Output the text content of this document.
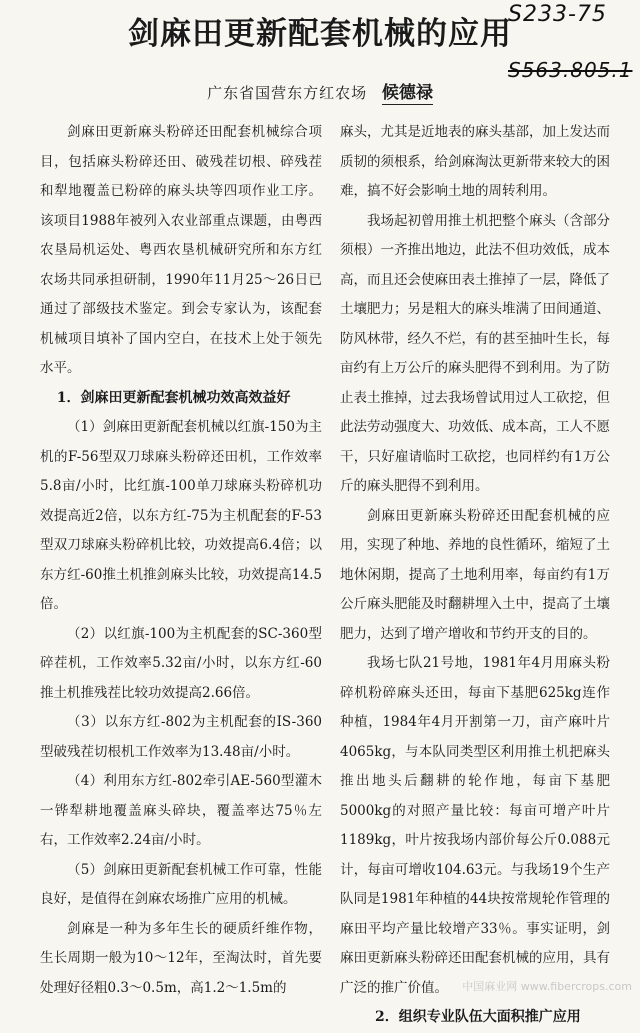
S233-75
S563.805.1
剑麻田更新配套机械的应用
广东省国营东方红农场 候德禄

剑麻田更新麻头粉碎还田配套机械综合项目，包括麻头粉碎还田、破残茬切根、碎残茬和犁地覆盖已粉碎的麻头块等四项作业工序。该项目1988年被列入农业部重点课题，由粤西农垦局机运处、粤西农垦机械研究所和东方红农场共同承担研制，1990年11月25～26日已通过了部级技术鉴定。到会专家认为，该配套机械项目填补了国内空白，在技术上处于领先水平。

1．剑麻田更新配套机械功效高效益好

（1）剑麻田更新配套机械以红旗-150为主机的F-56型双刀球麻头粉碎还田机，工作效率5.8亩/小时，比红旗-100单刀球麻头粉碎机功效提高近2倍，以东方红-75为主机配套的F-53型双刀球麻头粉碎机比较，功效提高6.4倍；以东方红-60推土机推剑麻头比较，功效提高14.5倍。

（2）以红旗-100为主机配套的SC-360型碎茬机，工作效率5.32亩/小时，以东方红-60推土机推残茬比较功效提高2.66倍。

（3）以东方红-802为主机配套的IS-360型破残茬切根机工作效率为13.48亩/小时。

（4）利用东方红-802牵引AE-560型灌木一铧犁耕地覆盖麻头碎块，覆盖率达75％左右，工作效率2.24亩/小时。

（5）剑麻田更新配套机械工作可靠，性能良好，是值得在剑麻农场推广应用的机械。

剑麻是一种为多年生长的硬质纤维作物，生长周期一般为10～12年，至淘汰时，首先要处理好径粗0.3～0.5m，高1.2～1.5m的

麻头，尤其是近地表的麻头基部，加上发达而质韧的须根系，给剑麻淘汰更新带来较大的困难，搞不好会影响土地的周转利用。

我场起初曾用推土机把整个麻头（含部分须根）一齐推出地边，此法不但功效低，成本高，而且还会使麻田表土推掉了一层，降低了土壤肥力；另是粗大的麻头堆满了田间通道、防风林带，经久不烂，有的甚至抽叶生长，每亩约有上万公斤的麻头肥得不到利用。为了防止表土推掉，过去我场曾试用过人工砍挖，但此法劳动强度大、功效低、成本高，工人不愿干，只好雇请临时工砍挖，也同样约有1万公斤的麻头肥得不到利用。

剑麻田更新麻头粉碎还田配套机械的应用，实现了种地、养地的良性循环，缩短了土地休闲期，提高了土地利用率，每亩约有1万公斤麻头肥能及时翻耕埋入土中，提高了土壤肥力，达到了增产增收和节约开支的目的。

我场七队21号地，1981年4月用麻头粉碎机粉碎麻头还田，每亩下基肥625kg连作种植，1984年4月开割第一刀，亩产麻叶片4065kg，与本队同类型区利用推土机把麻头推出地头后翻耕的轮作地，每亩下基肥5000kg的对照产量比较：每亩可增产叶片1189kg，叶片按我场内部价每公斤0.088元计，每亩可增收104.63元。与我场19个生产队同是1981年种植的44块按常规轮作管理的麻田平均产量比较增产33％。事实证明，剑麻田更新麻头粉碎还田配套机械的应用，具有广泛的推广价值。

2．组织专业队伍大面积推广应用
中国麻业网 www.fibercrops.com
